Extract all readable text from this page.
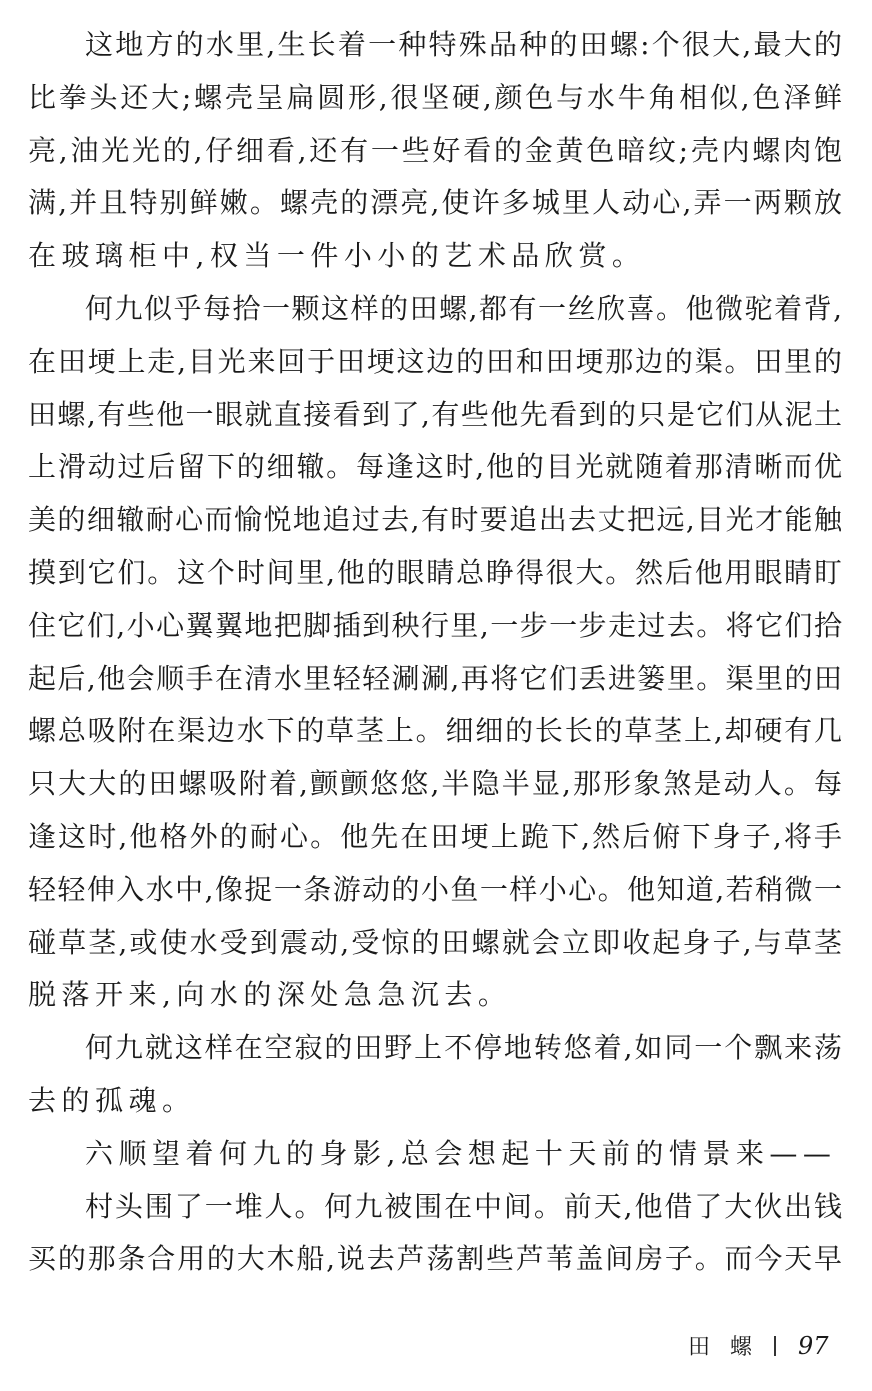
这地方的水里,生长着一种特殊品种的田螺:个很大,最大的
比拳头还大;螺壳呈扁圆形,很坚硬,颜色与水牛角相似,色泽鲜
亮,油光光的,仔细看,还有一些好看的金黄色暗纹;壳内螺肉饱
满,并且特别鲜嫩。螺壳的漂亮,使许多城里人动心,弄一两颗放
在玻璃柜中,权当一件小小的艺术品欣赏。
何九似乎每拾一颗这样的田螺,都有一丝欣喜。他微驼着背,
在田埂上走,目光来回于田埂这边的田和田埂那边的渠。田里的
田螺,有些他一眼就直接看到了,有些他先看到的只是它们从泥土
上滑动过后留下的细辙。每逢这时,他的目光就随着那清晰而优
美的细辙耐心而愉悦地追过去,有时要追出去丈把远,目光才能触
摸到它们。这个时间里,他的眼睛总睁得很大。然后他用眼睛盯
住它们,小心翼翼地把脚插到秧行里,一步一步走过去。将它们拾
起后,他会顺手在清水里轻轻涮涮,再将它们丢进篓里。渠里的田
螺总吸附在渠边水下的草茎上。细细的长长的草茎上,却硬有几
只大大的田螺吸附着,颤颤悠悠,半隐半显,那形象煞是动人。每
逢这时,他格外的耐心。他先在田埂上跪下,然后俯下身子,将手
轻轻伸入水中,像捉一条游动的小鱼一样小心。他知道,若稍微一
碰草茎,或使水受到震动,受惊的田螺就会立即收起身子,与草茎
脱落开来,向水的深处急急沉去。
何九就这样在空寂的田野上不停地转悠着,如同一个飘来荡
去的孤魂。
六顺望着何九的身影,总会想起十天前的情景来——
村头围了一堆人。何九被围在中间。前天,他借了大伙出钱
买的那条合用的大木船,说去芦荡割些芦苇盖间房子。而今天早
田螺 97
